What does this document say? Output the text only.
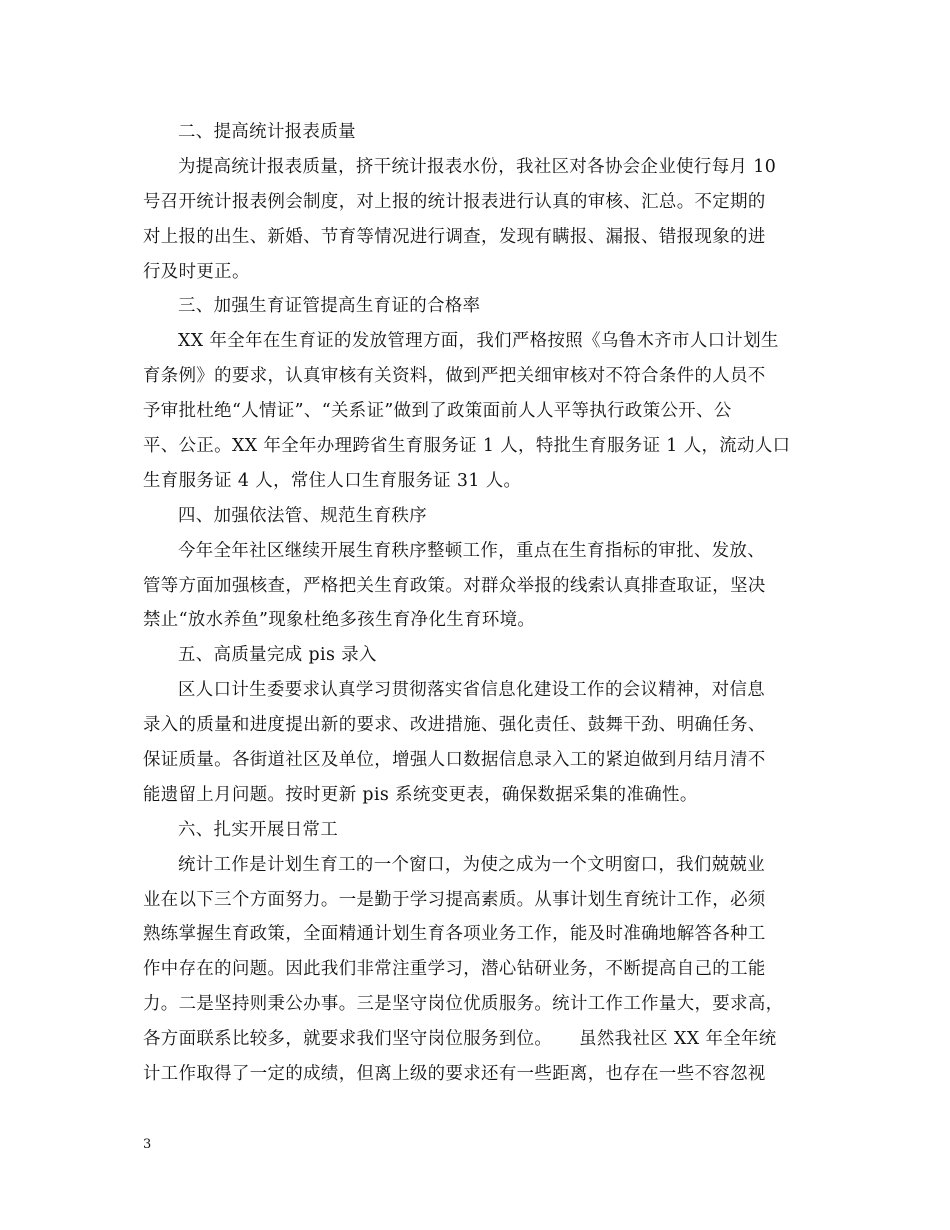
二、提高统计报表质量
为提高统计报表质量，挤干统计报表水份，我社区对各协会企业使行每月 10
号召开统计报表例会制度，对上报的统计报表进行认真的审核、汇总。不定期的
对上报的出生、新婚、节育等情况进行调查，发现有瞒报、漏报、错报现象的进
行及时更正。
三、加强生育证管提高生育证的合格率
XX 年全年在生育证的发放管理方面，我们严格按照《乌鲁木齐市人口计划生
育条例》的要求，认真审核有关资料，做到严把关细审核对不符合条件的人员不
予审批杜绝“人情证”、“关系证”做到了政策面前人人平等执行政策公开、公
平、公正。XX 年全年办理跨省生育服务证 1 人，特批生育服务证 1 人，流动人口
生育服务证 4 人，常住人口生育服务证 31 人。
四、加强依法管、规范生育秩序
今年全年社区继续开展生育秩序整顿工作，重点在生育指标的审批、发放、
管等方面加强核查，严格把关生育政策。对群众举报的线索认真排查取证，坚决
禁止“放水养鱼”现象杜绝多孩生育净化生育环境。
五、高质量完成 pis 录入
区人口计生委要求认真学习贯彻落实省信息化建设工作的会议精神，对信息
录入的质量和进度提出新的要求、改进措施、强化责任、鼓舞干劲、明确任务、
保证质量。各街道社区及单位，增强人口数据信息录入工的紧迫做到月结月清不
能遗留上月问题。按时更新 pis 系统变更表，确保数据采集的准确性。
六、扎实开展日常工
统计工作是计划生育工的一个窗口，为使之成为一个文明窗口，我们兢兢业
业在以下三个方面努力。一是勤于学习提高素质。从事计划生育统计工作，必须
熟练掌握生育政策，全面精通计划生育各项业务工作，能及时准确地解答各种工
作中存在的问题。因此我们非常注重学习，潜心钻研业务，不断提高自己的工能
力。二是坚持则秉公办事。三是坚守岗位优质服务。统计工作工作量大，要求高，
各方面联系比较多，就要求我们坚守岗位服务到位。　　虽然我社区 XX 年全年统
计工作取得了一定的成绩，但离上级的要求还有一些距离，也存在一些不容忽视
3
